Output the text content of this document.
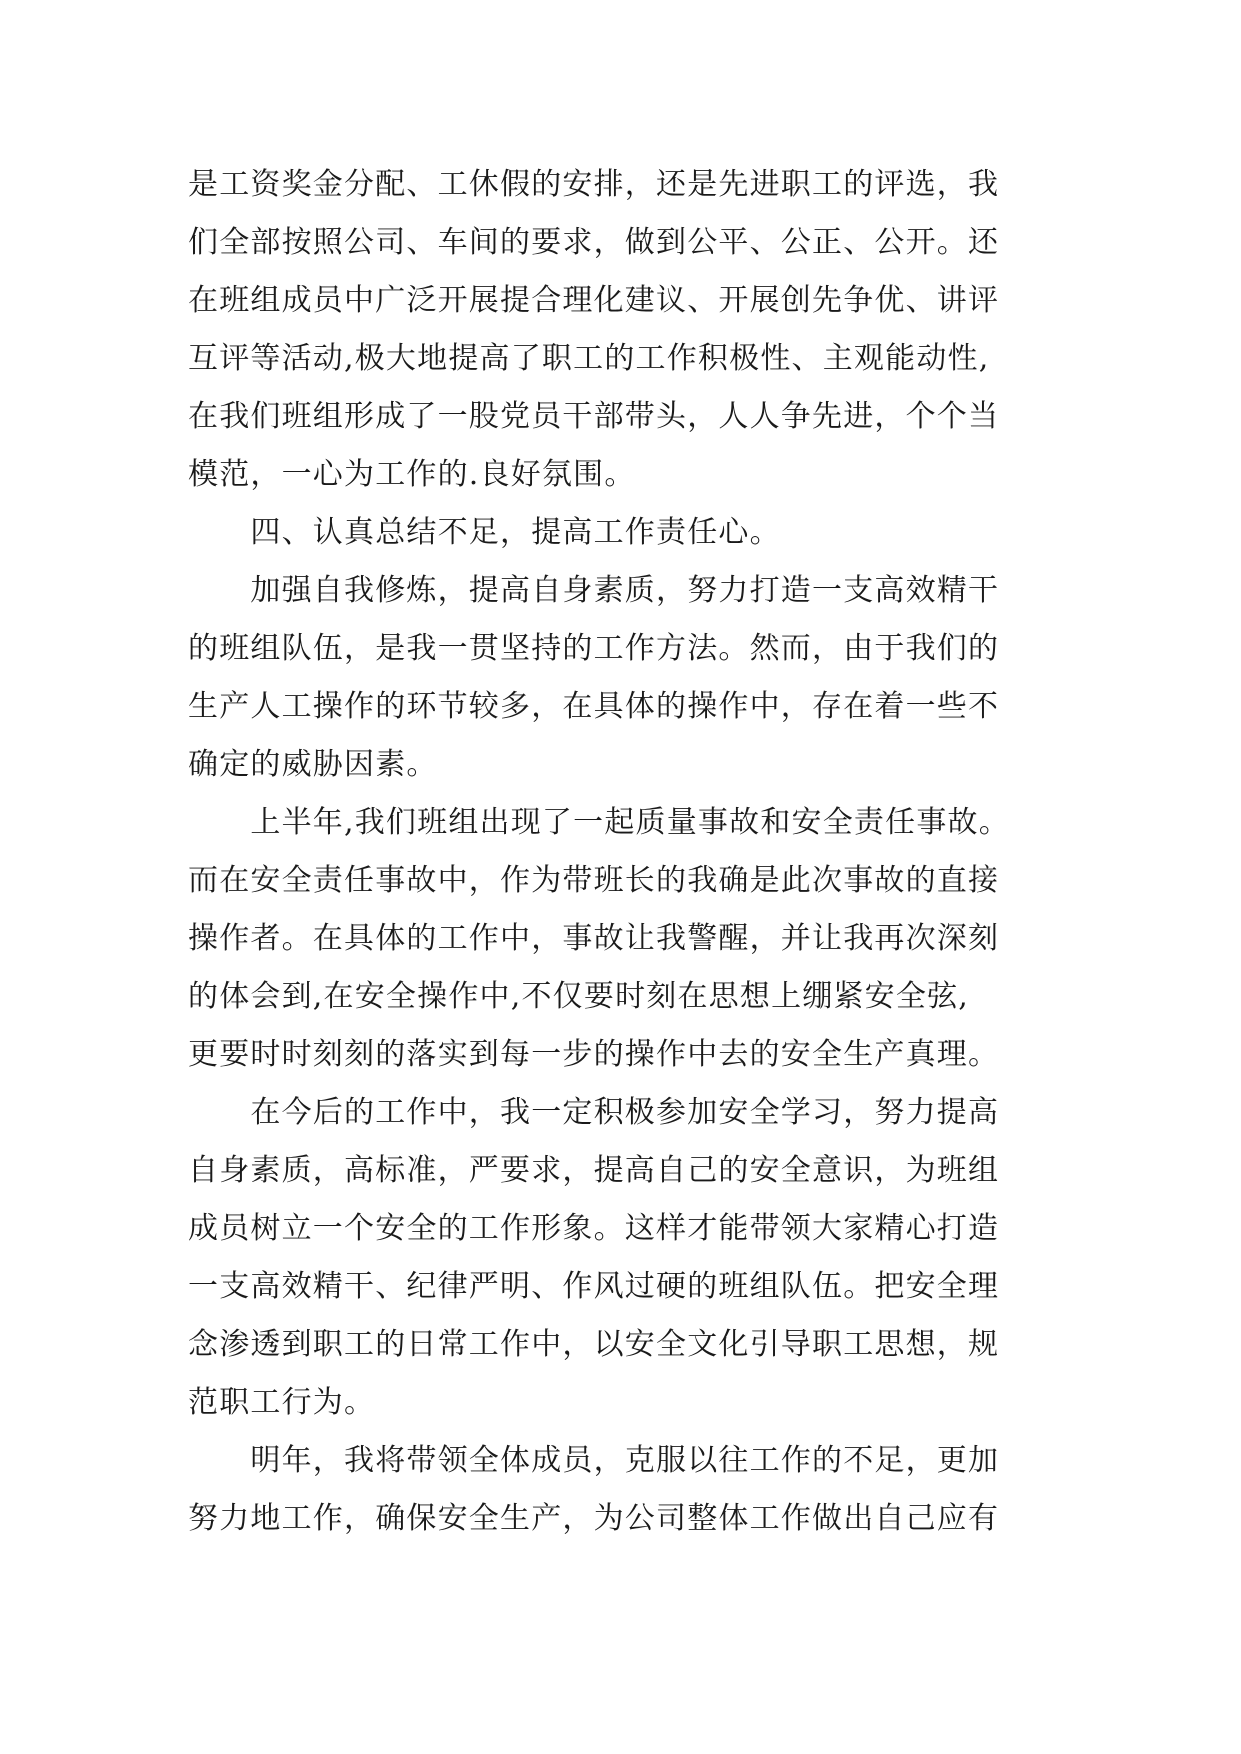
是工资奖金分配、工休假的安排，还是先进职工的评选，我
们全部按照公司、车间的要求，做到公平、公正、公开。还
在班组成员中广泛开展提合理化建议、开展创先争优、讲评
互评等活动,极大地提高了职工的工作积极性、主观能动性,
在我们班组形成了一股党员干部带头，人人争先进，个个当
模范，一心为工作的.良好氛围。
　　四、认真总结不足，提高工作责任心。
　　加强自我修炼，提高自身素质，努力打造一支高效精干
的班组队伍，是我一贯坚持的工作方法。然而，由于我们的
生产人工操作的环节较多，在具体的操作中，存在着一些不
确定的威胁因素。
　　上半年,我们班组出现了一起质量事故和安全责任事故。
而在安全责任事故中，作为带班长的我确是此次事故的直接
操作者。在具体的工作中，事故让我警醒，并让我再次深刻
的体会到,在安全操作中,不仅要时刻在思想上绷紧安全弦,
更要时时刻刻的落实到每一步的操作中去的安全生产真理。
　　在今后的工作中，我一定积极参加安全学习，努力提高
自身素质，高标准，严要求，提高自己的安全意识，为班组
成员树立一个安全的工作形象。这样才能带领大家精心打造
一支高效精干、纪律严明、作风过硬的班组队伍。把安全理
念渗透到职工的日常工作中，以安全文化引导职工思想，规
范职工行为。
　　明年，我将带领全体成员，克服以往工作的不足，更加
努力地工作，确保安全生产，为公司整体工作做出自己应有
